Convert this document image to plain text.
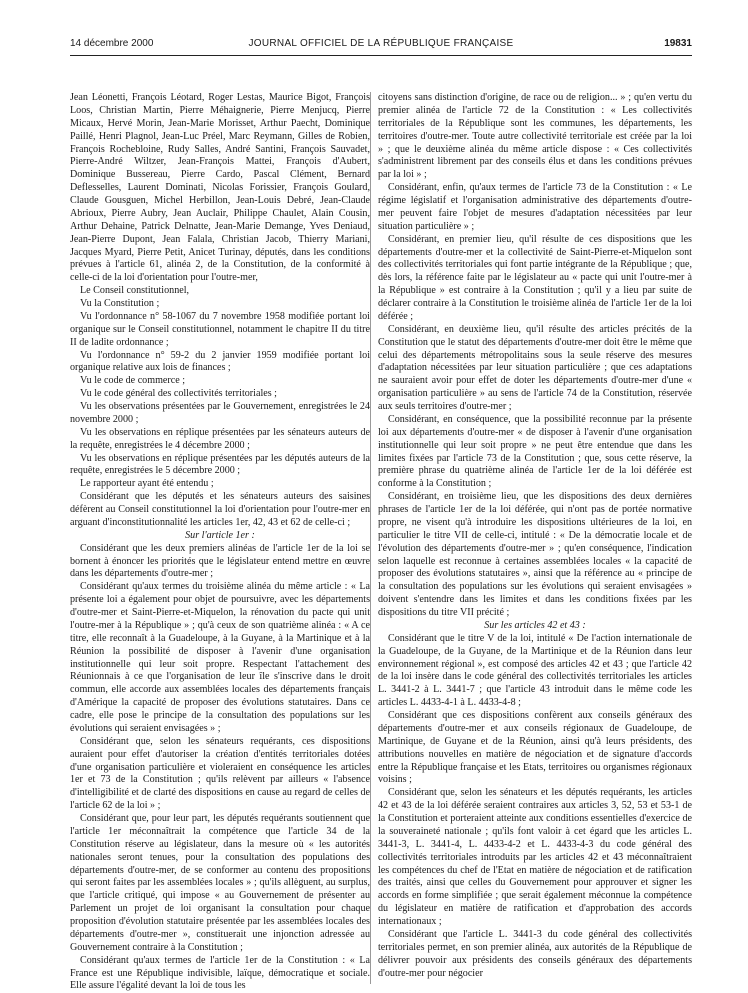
14 décembre 2000	JOURNAL OFFICIEL DE LA RÉPUBLIQUE FRANÇAISE	19831

Jean Léonetti, François Léotard, Roger Lestas, Maurice Bigot, François Loos, Christian Martin, Pierre Méhaignerie, Pierre Menjucq, Pierre Micaux, Hervé Morin, Jean-Marie Morisset, Arthur Paecht, Dominique Paillé, Henri Plagnol, Jean-Luc Préel, Marc Reymann, Gilles de Robien, François Rochebloine, Rudy Salles, André Santini, François Sauvadet, Pierre-André Wiltzer, Jean-François Mattei, François d'Aubert, Dominique Bussereau, Pierre Cardo, Pascal Clément, Bernard Deflesselles, Laurent Dominati, Nicolas Forissier, François Goulard, Claude Gousguen, Michel Herbillon, Jean-Louis Debré, Jean-Claude Abrioux, Pierre Aubry, Jean Auclair, Philippe Chaulet, Alain Cousin, Arthur Dehaine, Patrick Delnatte, Jean-Marie Demange, Yves Deniaud, Jean-Pierre Dupont, Jean Falala, Christian Jacob, Thierry Mariani, Jacques Myard, Pierre Petit, Anicet Turinay, députés, dans les conditions prévues à l'article 61, alinéa 2, de la Constitution, de la conformité à celle-ci de la loi d'orientation pour l'outre-mer,

Le Conseil constitutionnel,

Vu la Constitution ;

Vu l'ordonnance n° 58-1067 du 7 novembre 1958 modifiée portant loi organique sur le Conseil constitutionnel, notamment le chapitre II du titre II de ladite ordonnance ;

Vu l'ordonnance n° 59-2 du 2 janvier 1959 modifiée portant loi organique relative aux lois de finances ;

Vu le code de commerce ;

Vu le code général des collectivités territoriales ;

Vu les observations présentées par le Gouvernement, enregistrées le 24 novembre 2000 ;

Vu les observations en réplique présentées par les sénateurs auteurs de la requête, enregistrées le 4 décembre 2000 ;

Vu les observations en réplique présentées par les députés auteurs de la requête, enregistrées le 5 décembre 2000 ;

Le rapporteur ayant été entendu ;

Considérant que les députés et les sénateurs auteurs des saisines défèrent au Conseil constitutionnel la loi d'orientation pour l'outre-mer en arguant d'inconstitutionnalité les articles 1er, 42, 43 et 62 de celle-ci ;

Sur l'article 1er :

Considérant que les deux premiers alinéas de l'article 1er de la loi se bornent à énoncer les priorités que le législateur entend mettre en œuvre dans les départements d'outre-mer ;

Considérant qu'aux termes du troisième alinéa du même article : « La présente loi a également pour objet de poursuivre, avec les départements d'outre-mer et Saint-Pierre-et-Miquelon, la rénovation du pacte qui unit l'outre-mer à la République » ; qu'à ceux de son quatrième alinéa : « A ce titre, elle reconnaît à la Guadeloupe, à la Guyane, à la Martinique et à la Réunion la possibilité de disposer à l'avenir d'une organisation institutionnelle qui leur soit propre. Respectant l'attachement des Réunionnais à ce que l'organisation de leur île s'inscrive dans le droit commun, elle accorde aux assemblées locales des départements français d'Amérique la capacité de proposer des évolutions statutaires. Dans ce cadre, elle pose le principe de la consultation des populations sur les évolutions qui seraient envisagées » ;

Considérant que, selon les sénateurs requérants, ces dispositions auraient pour effet d'autoriser la création d'entités territoriales dotées d'une organisation particulière et violeraient en conséquence les articles 1er et 73 de la Constitution ; qu'ils relèvent par ailleurs « l'absence d'intelligibilité et de clarté des dispositions en cause au regard de celles de l'article 62 de la loi » ;

Considérant que, pour leur part, les députés requérants soutiennent que l'article 1er méconnaîtrait la compétence que l'article 34 de la Constitution réserve au législateur, dans la mesure où « les autorités nationales seront tenues, pour la consultation des populations des départements d'outre-mer, de se conformer au contenu des propositions qui seront faites par les assemblées locales » ; qu'ils allèguent, au surplus, que l'article critiqué, qui impose « au Gouvernement de présenter au Parlement un projet de loi organisant la consultation pour chaque proposition d'évolution statutaire présentée par les assemblées locales des départements d'outre-mer », constituerait une injonction adressée au Gouvernement contraire à la Constitution ;

Considérant qu'aux termes de l'article 1er de la Constitution : « La France est une République indivisible, laïque, démocratique et sociale. Elle assure l'égalité devant la loi de tous les

citoyens sans distinction d'origine, de race ou de religion... » ; qu'en vertu du premier alinéa de l'article 72 de la Constitution : « Les collectivités territoriales de la République sont les communes, les départements, les territoires d'outre-mer. Toute autre collectivité territoriale est créée par la loi » ; que le deuxième alinéa du même article dispose : « Ces collectivités s'administrent librement par des conseils élus et dans les conditions prévues par la loi » ;

Considérant, enfin, qu'aux termes de l'article 73 de la Constitution : « Le régime législatif et l'organisation administrative des départements d'outre-mer peuvent faire l'objet de mesures d'adaptation nécessitées par leur situation particulière » ;

Considérant, en premier lieu, qu'il résulte de ces dispositions que les départements d'outre-mer et la collectivité de Saint-Pierre-et-Miquelon sont des collectivités territoriales qui font partie intégrante de la République ; que, dès lors, la référence faite par le législateur au « pacte qui unit l'outre-mer à la République » est contraire à la Constitution ; qu'il y a lieu par suite de déclarer contraire à la Constitution le troisième alinéa de l'article 1er de la loi déférée ;

Considérant, en deuxième lieu, qu'il résulte des articles précités de la Constitution que le statut des départements d'outre-mer doit être le même que celui des départements métropolitains sous la seule réserve des mesures d'adaptation nécessitées par leur situation particulière ; que ces adaptations ne sauraient avoir pour effet de doter les départements d'outre-mer d'une « organisation particulière » au sens de l'article 74 de la Constitution, réservée aux seuls territoires d'outre-mer ;

Considérant, en conséquence, que la possibilité reconnue par la présente loi aux départements d'outre-mer « de disposer à l'avenir d'une organisation institutionnelle qui leur soit propre » ne peut être entendue que dans les limites fixées par l'article 73 de la Constitution ; que, sous cette réserve, la première phrase du quatrième alinéa de l'article 1er de la loi déférée est conforme à la Constitution ;

Considérant, en troisième lieu, que les dispositions des deux dernières phrases de l'article 1er de la loi déférée, qui n'ont pas de portée normative propre, ne visent qu'à introduire les dispositions ultérieures de la loi, en particulier le titre VII de celle-ci, intitulé : « De la démocratie locale et de l'évolution des départements d'outre-mer » ; qu'en conséquence, l'indication selon laquelle est reconnue à certaines assemblées locales « la capacité de proposer des évolutions statutaires », ainsi que la référence au « principe de la consultation des populations sur les évolutions qui seraient envisagées » doivent s'entendre dans les limites et dans les conditions fixées par les dispositions du titre VII précité ;

Sur les articles 42 et 43 :

Considérant que le titre V de la loi, intitulé « De l'action internationale de la Guadeloupe, de la Guyane, de la Martinique et de la Réunion dans leur environnement régional », est composé des articles 42 et 43 ; que l'article 42 de la loi insère dans le code général des collectivités territoriales les articles L. 3441-2 à L. 3441-7 ; que l'article 43 introduit dans le même code les articles L. 4433-4-1 à L. 4433-4-8 ;

Considérant que ces dispositions confèrent aux conseils généraux des départements d'outre-mer et aux conseils régionaux de Guadeloupe, de Martinique, de Guyane et de la Réunion, ainsi qu'à leurs présidents, des attributions nouvelles en matière de négociation et de signature d'accords entre la République française et les Etats, territoires ou organismes régionaux voisins ;

Considérant que, selon les sénateurs et les députés requérants, les articles 42 et 43 de la loi déférée seraient contraires aux articles 3, 52, 53 et 53-1 de la Constitution et porteraient atteinte aux conditions essentielles d'exercice de la souveraineté nationale ; qu'ils font valoir à cet égard que les articles L. 3441-3, L. 3441-4, L. 4433-4-2 et L. 4433-4-3 du code général des collectivités territoriales introduits par les articles 42 et 43 méconnaîtraient les compétences du chef de l'Etat en matière de négociation et de ratification des traités, ainsi que celles du Gouvernement pour approuver et signer les accords en forme simplifiée ; que serait également méconnue la compétence du législateur en matière de ratification et d'approbation des accords internationaux ;

Considérant que l'article L. 3441-3 du code général des collectivités territoriales permet, en son premier alinéa, aux autorités de la République de délivrer pouvoir aux présidents des conseils généraux des départements d'outre-mer pour négocier
